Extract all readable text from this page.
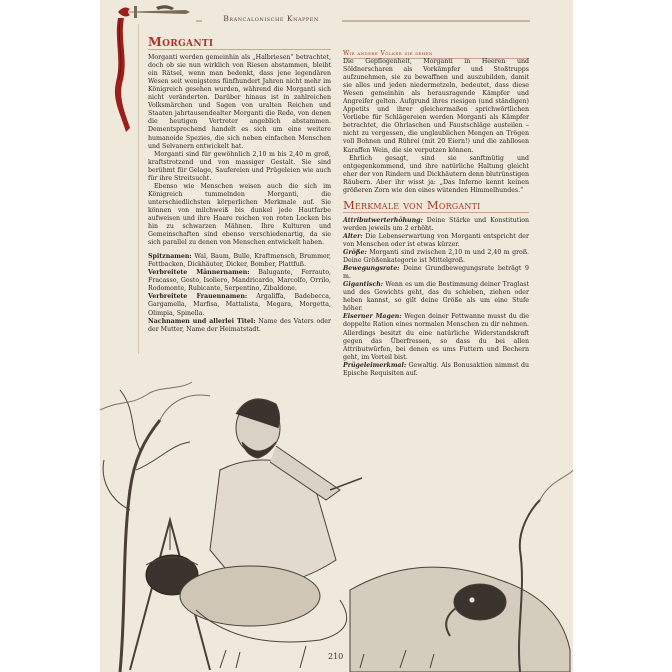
Brancalonische Knappen
Morganti

Morganti werden gemeinhin als „Halbriesen“ betrachtet, doch ob sie nun wirklich von Riesen abstammen, bleibt ein Rätsel, wenn man bedenkt, dass jene legendären Wesen seit wenigstens fünfhundert Jahren nicht mehr im Königreich gesehen wurden, während die Morganti sich nicht veränderten. Darüber hinaus ist in zahlreichen Volksmärchen und Sagen von uralten Reichen und Staaten jahrtausendealter Morganti die Rede, von denen die heutigen Vertreter angeblich abstammen. Dementsprechend handelt es sich um eine weitere humanoide Spezies, die sich neben einfachen Menschen und Selvanern entwickelt hat.

Morganti sind für gewöhnlich 2,10 m bis 2,40 m groß, kraftstrotzend und von massiger Gestalt. Sie sind berühmt für Gelage, Saufereien und Prügeleien wie auch für ihre Streitsucht.

Ebenso wie Menschen weisen auch die sich im Königreich tummelnden Morganti, die unterschiedlichsten körperlichen Merkmale auf. Sie können von milchweiß bis dunkel jede Hautfarbe aufweisen und ihre Haare reichen von roten Locken bis hin zu schwarzen Mähnen. Ihre Kulturen und Gemeinschaften sind ebenso verschiedenartig, da sie sich parallel zu denen von Menschen entwickelt haben.

Spitznamen: Wal, Baum, Bulle, Kraftmensch, Brummer, Fettbacken, Dickhäuter, Dicker, Bomber, Plattfuß.

Verbreitete Männernamen: Balugante, Ferrauto, Fracasso, Gosto, Isoliero, Mandricardo, Marcolfo, Orrilo, Rodomonte, Rubicante, Serpentino, Zibaldone.

Verbreitete Frauennamen: Argaliffa, Badebecca, Gargamella, Marfisa, Mattalista, Megara, Morgetta, Olimpia, Spinella.

Nachnamen und allerlei Titel: Name des Vaters oder der Mutter, Name der Heimatstadt.

Wie andere Völker sie sehen

Die Gepflogenheit, Morganti in Heeren und Söldnerscharen als Vorkämpfer und Stoßtrupps aufzunehmen, sie zu bewaffnen und auszubilden, damit sie alles und jeden niedermetzeln, bedeutet, dass diese Wesen gemeinhin als herausragende Kämpfer und Angreifer gelten. Aufgrund ihres riesigen (und ständigen) Appetits und ihrer gleichermaßen sprichwörtlichen Vorliebe für Schlägereien werden Morganti als Kämpfer betrachtet, die Ohrlaschen und Faustschläge austeilen – nicht zu vergessen, die unglaublichen Mengen an Trögen voll Bohnen und Rührei (mit 20 Eiern!) und die zahllosen Karaffen Wein, die sie verputzen können.

Ehrlich gesagt, sind sie sanftmütig und entgegenkommend, und ihre natürliche Haltung gleicht eher der von Rindern und Dickhäutern denn blutrünstigen Räubern. Aber ihr wisst ja: „Das Inferno kennt keinen größeren Zorn wie den eines wütenden Himmelhundes.“

Merkmale von Morganti

Attributwerterhöhung: Deine Stärke und Konstitution werden jeweils um 2 erhöht.

Alter: Die Lebenserwartung von Morganti entspricht der von Menschen oder ist etwas kürzer.

Größe: Morganti sind zwischen 2,10 m und 2,40 m groß. Deine Größenkategorie ist Mittelgroß.

Bewegungsrate: Deine Grundbewegungsrate beträgt 9 m.

Gigantisch: Wenn es um die Bestimmung deiner Traglast und des Gewichts geht, das du schieben, ziehen oder heben kannst, so gilt deine Größe als um eine Stufe höher.

Eiserner Magen: Wegen deiner Fettwanne musst du die doppelte Ration eines normalen Menschen zu dir nehmen. Allerdings besitzt du eine natürliche Widerstandskraft gegen das Überfressen, so dass du bei allen Attributwürfen, bei denen es ums Futtern und Bechern geht, im Vorteil bist.

Prügeleimerkmal: Gewaltig. Als Bonusaktion nimmst du Epische Requisiten auf.

210
